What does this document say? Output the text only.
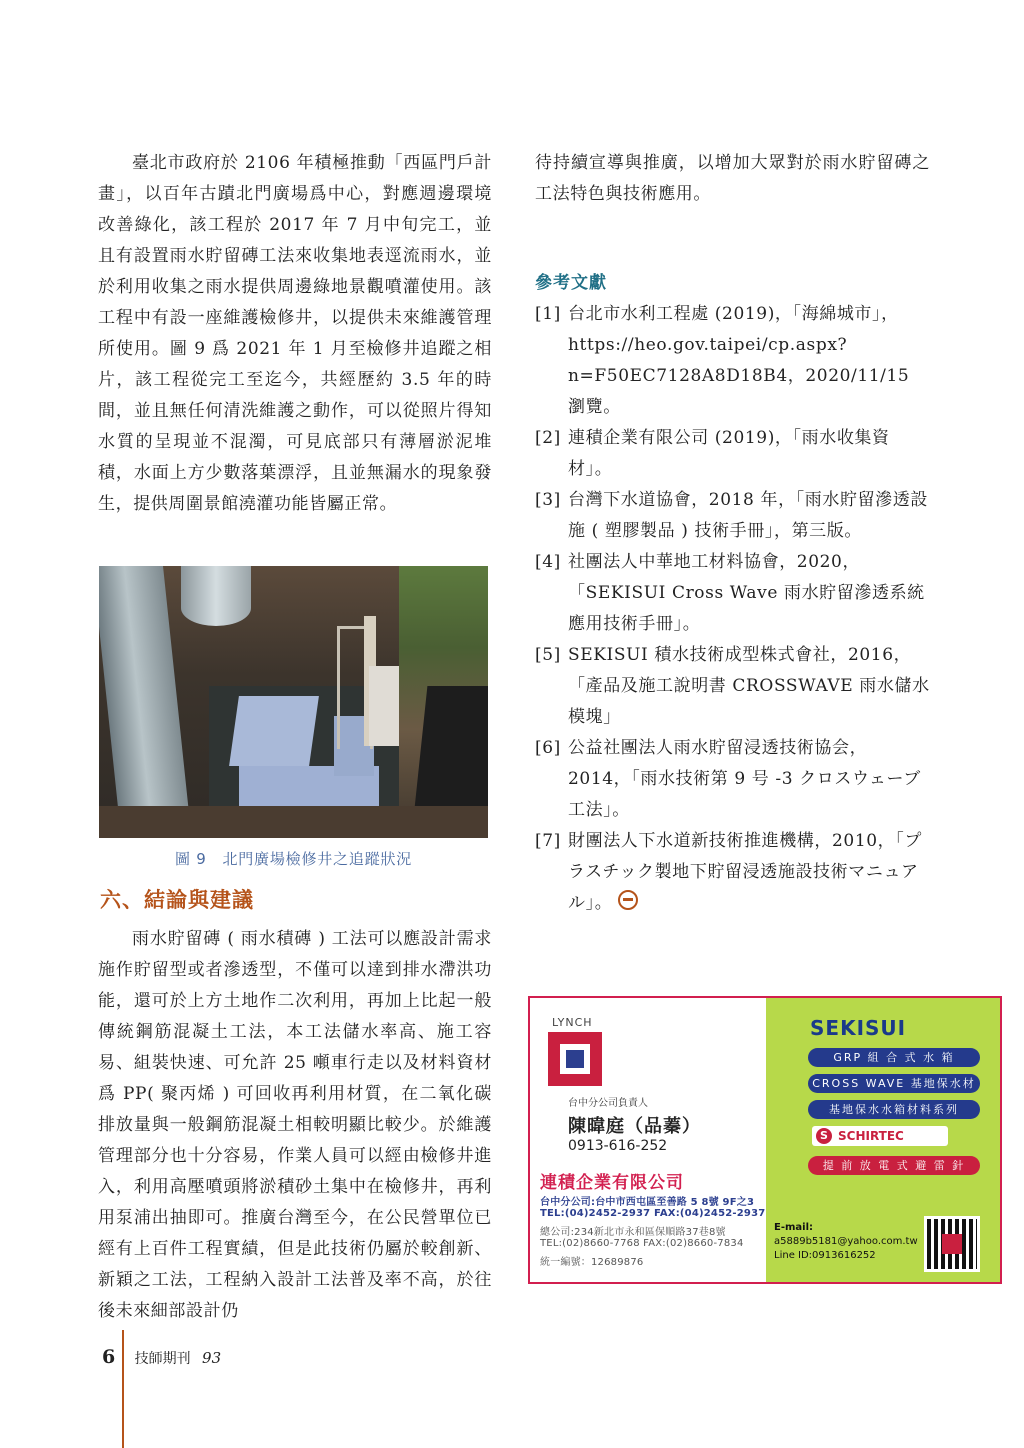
臺北市政府於 2106 年積極推動「西區門戶計畫」，以百年古蹟北門廣場爲中心，對應週邊環境改善綠化，該工程於 2017 年 7 月中旬完工，並且有設置雨水貯留磚工法來收集地表逕流雨水，並於利用收集之雨水提供周邊綠地景觀噴灌使用。該工程中有設一座維護檢修井，以提供未來維護管理所使用。圖 9 爲 2021 年 1 月至檢修井追蹤之相片，該工程從完工至迄今，共經歷約 3.5 年的時間，並且無任何清洗維護之動作，可以從照片得知水質的呈現並不混濁，可見底部只有薄層淤泥堆積，水面上方少數落葉漂浮，且並無漏水的現象發生，提供周圍景館澆灌功能皆屬正常。

圖 9　北門廣場檢修井之追蹤狀況
六、結論與建議

雨水貯留磚 ( 雨水積磚 ) 工法可以應設計需求施作貯留型或者滲透型，不僅可以達到排水滯洪功能，還可於上方土地作二次利用，再加上比起一般傳統鋼筋混凝土工法，本工法儲水率高、施工容易、組裝快速、可允許 25 噸車行走以及材料資材爲 PP( 聚丙烯 ) 可回收再利用材質，在二氧化碳排放量與一般鋼筋混凝土相較明顯比較少。於維護管理部分也十分容易，作業人員可以經由檢修井進入，利用高壓噴頭將淤積砂土集中在檢修井，再利用泵浦出抽即可。推廣台灣至今，在公民營單位已經有上百件工程實績，但是此技術仍屬於較創新、新穎之工法，工程納入設計工法普及率不高，於往後未來細部設計仍

待持續宣導與推廣，以增加大眾對於雨水貯留磚之工法特色與技術應用。

參考文獻
[1] 台北市水利工程處 (2019)，「海綿城市」，https://heo.gov.taipei/cp.aspx?n=F50EC7128A8D18B4，2020/11/15 瀏覽。
[2] 連積企業有限公司 (2019)，「雨水收集資材」。
[3] 台灣下水道協會，2018 年，「雨水貯留滲透設施 ( 塑膠製品 ) 技術手冊」，第三版。
[4] 社團法人中華地工材料協會，2020，「SEKISUI Cross Wave 雨水貯留滲透系統應用技術手冊」。
[5] SEKISUI 積水技術成型株式會社，2016，「產品及施工說明書 CROSSWAVE 雨水儲水模塊」
[6] 公益社團法人雨水貯留浸透技術協会，2014，「雨水技術第 9 号 -3 クロスウェーブ工法」。
[7] 財團法人下水道新技術推進機構，2010，「プラスチック製地下貯留浸透施設技術マニュアル」。
LYNCH
台中分公司負責人
陳暐庭（品蓁）
0913-616-252
連積企業有限公司
台中分公司:台中市西屯區至善路 5 8號 9F之3
TEL:(04)2452-2937 FAX:(04)2452-2937
總公司:234新北市永和區保順路37巷8號
TEL:(02)8660-7768 FAX:(02)8660-7834
統一編號：12689876
SEKISUI
GRP 組 合 式 水 箱
CROSS WAVE 基地保水材
基地保水水箱材料系列
S SCHIRTEC
提 前 放 電 式 避 雷 針
E-mail:
a5889b5181@yahoo.com.tw
Line ID:0913616252
6 技師期刊 93
